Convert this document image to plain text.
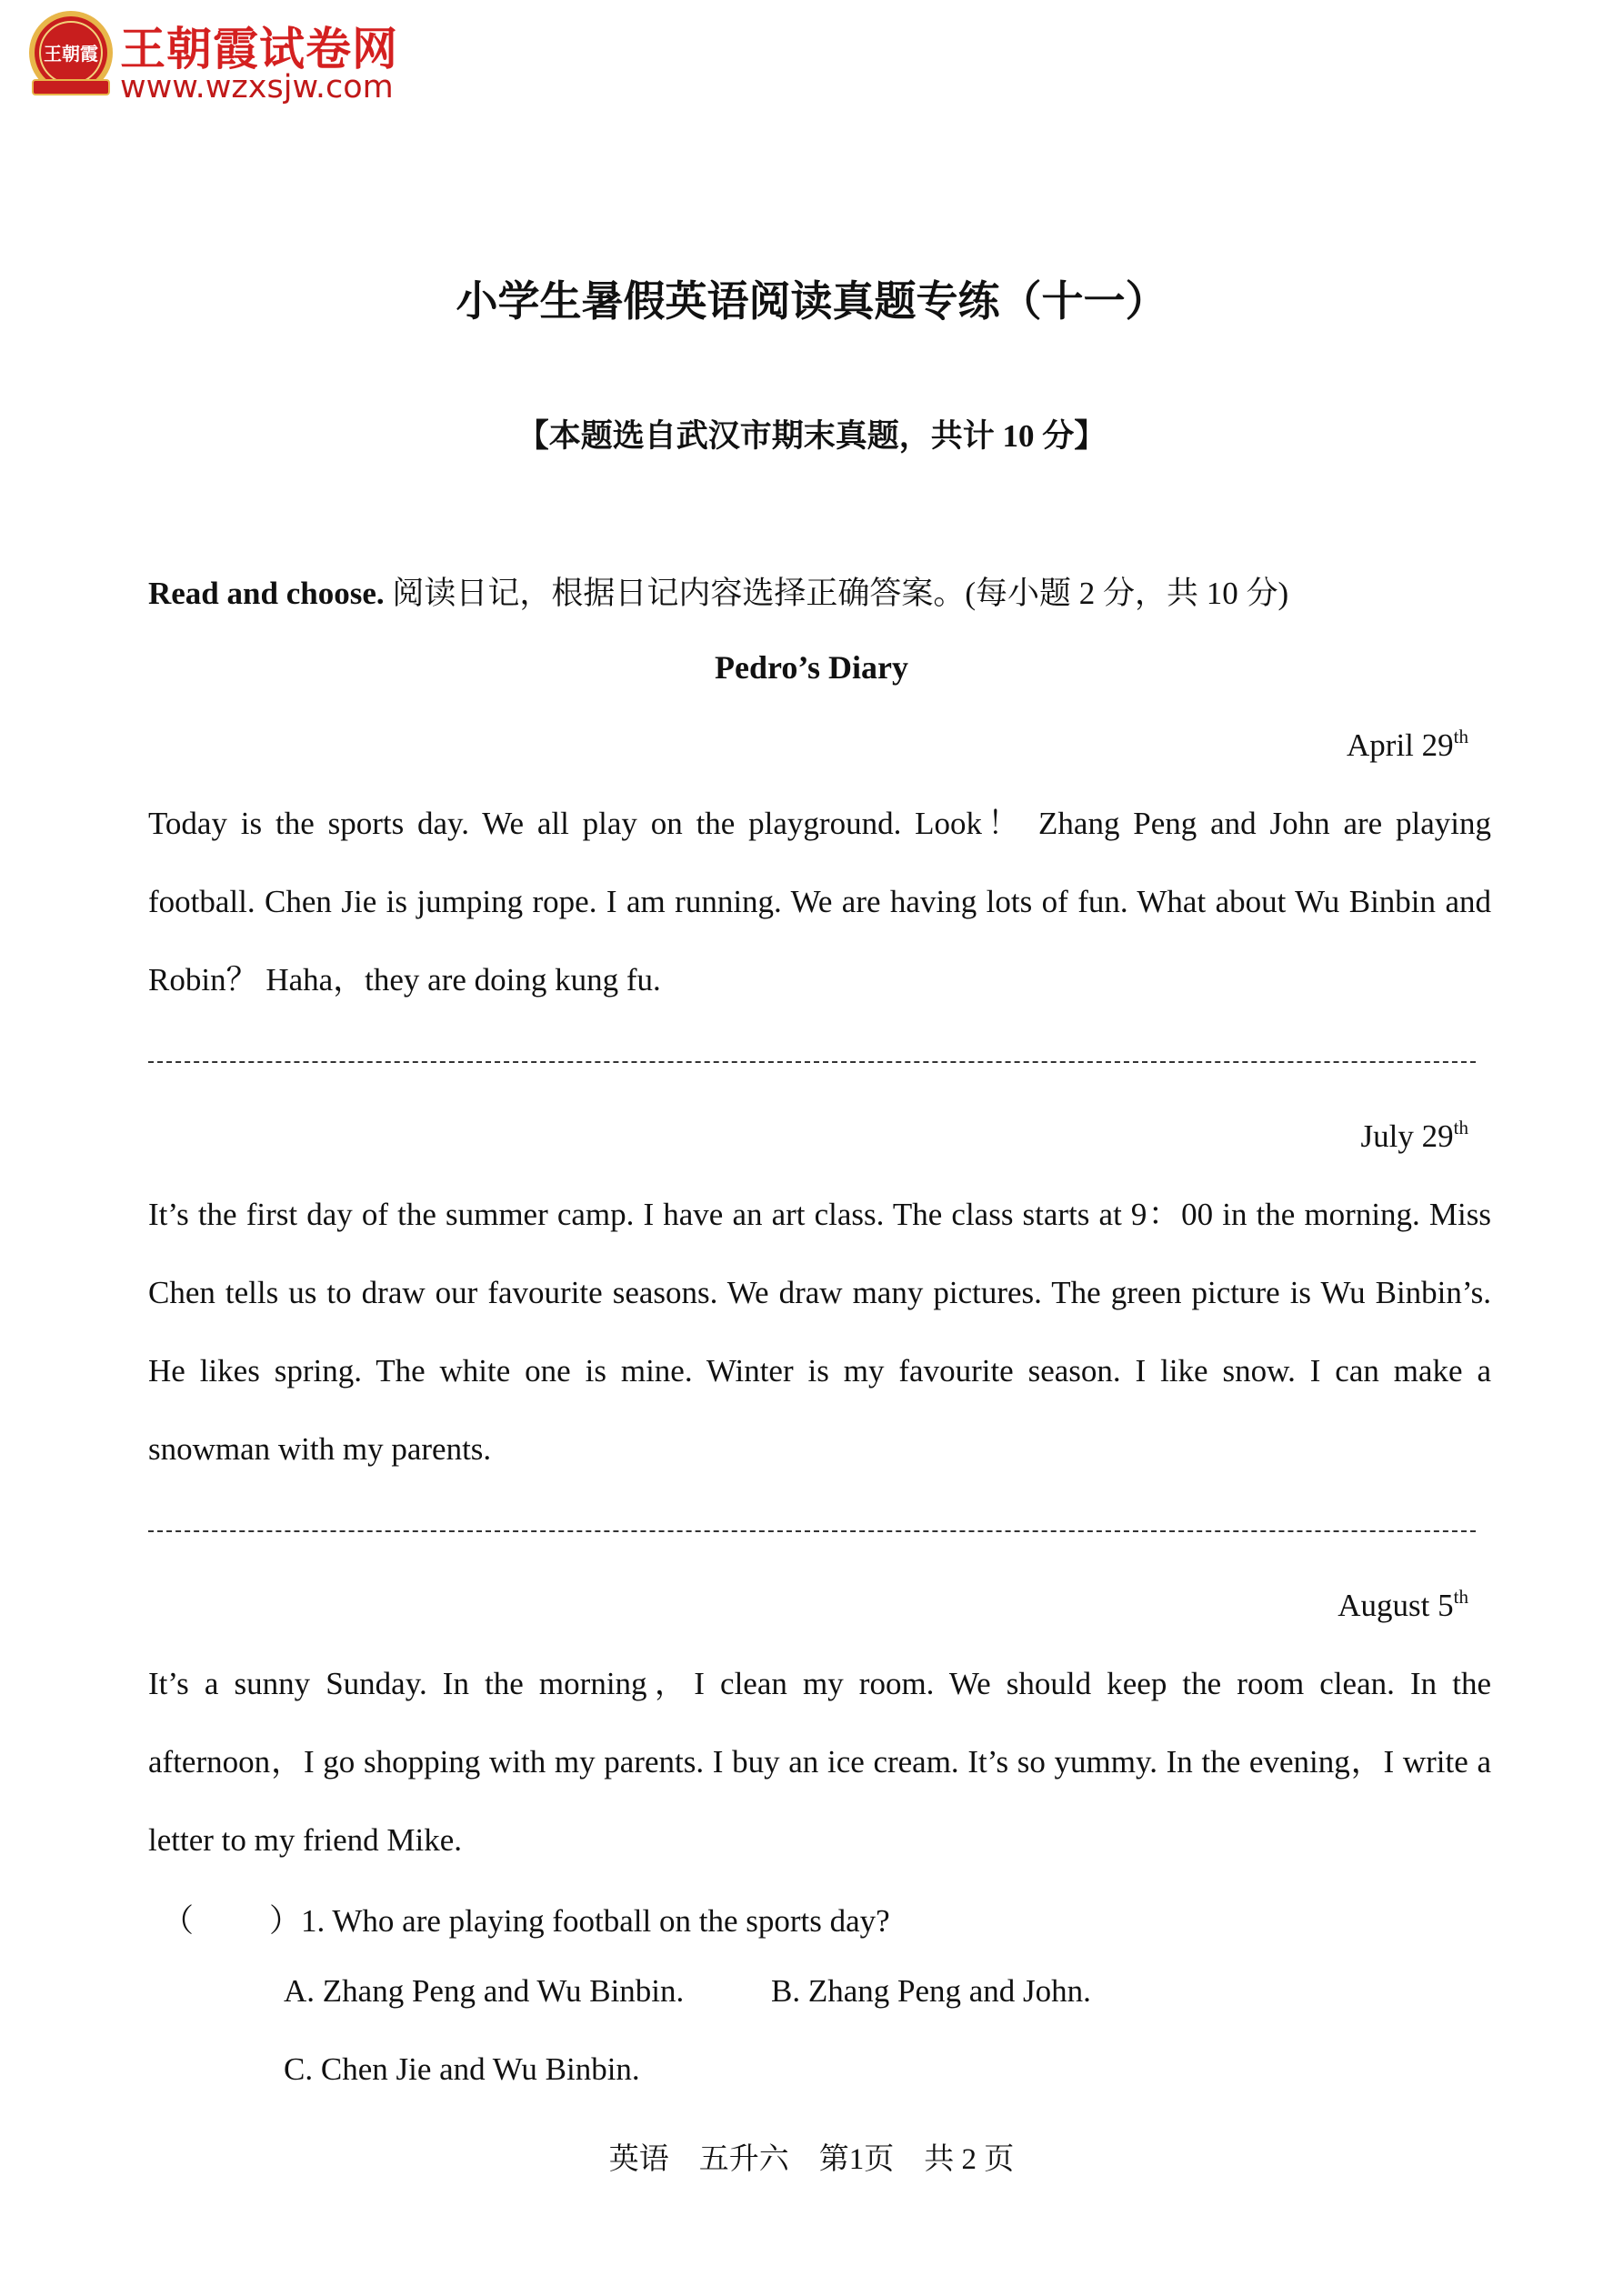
王朝霞 王朝霞试卷网
www.wzxsjw.com
小学生暑假英语阅读真题专练（十一）
【本题选自武汉市期末真题，共计 10 分】
Read and choose. 阅读日记，根据日记内容选择正确答案。(每小题 2 分，共 10 分)
Pedro’s Diary
April 29th
Today is the sports day. We all play on the playground. Look！ Zhang Peng and John are playing football. Chen Jie is jumping rope. I am running. We are having lots of fun. What about Wu Binbin and Robin？ Haha，they are doing kung fu.
July 29th
It’s the first day of the summer camp. I have an art class. The class starts at 9：00 in the morning. Miss Chen tells us to draw our favourite seasons. We draw many pictures. The green picture is Wu Binbin’s. He likes spring. The white one is mine. Winter is my favourite season. I like snow. I can make a snowman with my parents.
August 5th
It’s a sunny Sunday. In the morning，I clean my room. We should keep the room clean. In the afternoon，I go shopping with my parents. I buy an ice cream. It’s so yummy. In the evening，I write a letter to my friend Mike.
（ ）1. Who are playing football on the sports day?
A. Zhang Peng and Wu Binbin.	B. Zhang Peng and John.
C. Chen Jie and Wu Binbin.
英语　五升六　第1页　共 2 页
